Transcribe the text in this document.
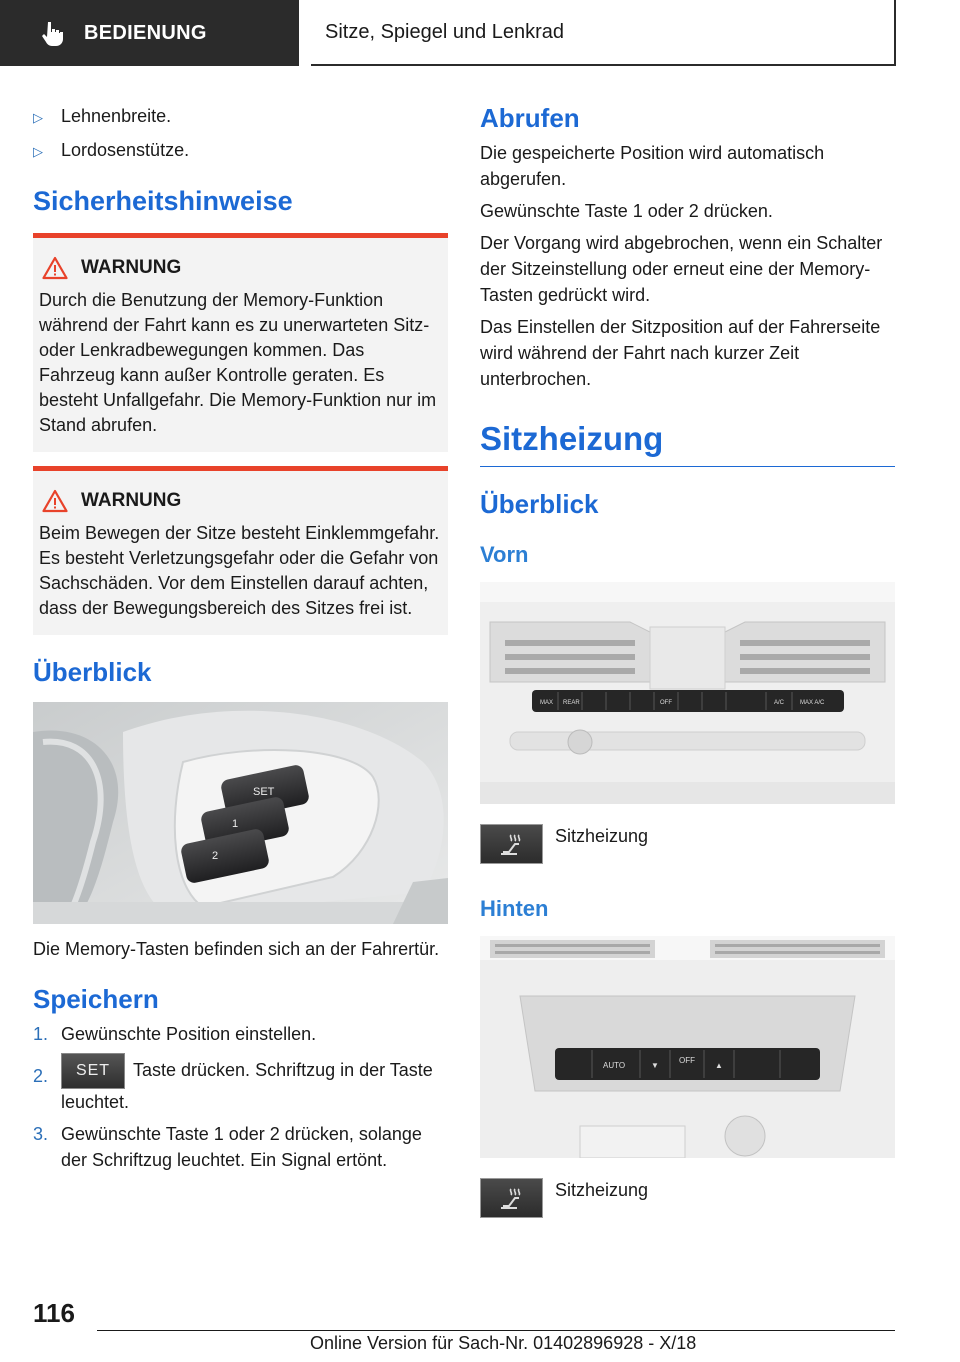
BEDIENUNG	Sitze, Spiegel und Lenkrad
▷	Lehnenbreite.
▷	Lordosenstütze.
Sicherheitshinweise
WARNUNG

Durch die Benutzung der Memory-Funktion während der Fahrt kann es zu unerwarteten Sitz- oder Lenkradbewegungen kommen. Das Fahrzeug kann außer Kontrolle geraten. Es besteht Unfallgefahr. Die Memory-Funktion nur im Stand abrufen.

WARNUNG

Beim Bewegen der Sitze besteht Einklemmgefahr. Es besteht Verletzungsgefahr oder die Gefahr von Sachschäden. Vor dem Einstellen darauf achten, dass der Bewegungsbereich des Sitzes frei ist.

Überblick
SET
1
2

Die Memory-Tasten befinden sich an der Fahrertür.

Speichern
1. Gewünschte Position einstellen.
2.	SET Taste drücken. Schriftzug in der Taste leuchtet.
3. Gewünschte Taste 1 oder 2 drücken, solange der Schriftzug leuchtet. Ein Signal ertönt.
Abrufen

Die gespeicherte Position wird automatisch abgerufen.

Gewünschte Taste 1 oder 2 drücken.

Der Vorgang wird abgebrochen, wenn ein Schalter der Sitzeinstellung oder erneut eine der Memory-Tasten gedrückt wird.

Das Einstellen der Sitzposition auf der Fahrerseite wird während der Fahrt nach kurzer Zeit unterbrochen.

Sitzheizung
Überblick
Vorn
MAX REAR	OFF	A/C	MAX A/C
Sitzheizung
Hinten
AUTO	▼
OFF
▲
Sitzheizung
116
Online Version für Sach-Nr. 01402896928 - X/18
